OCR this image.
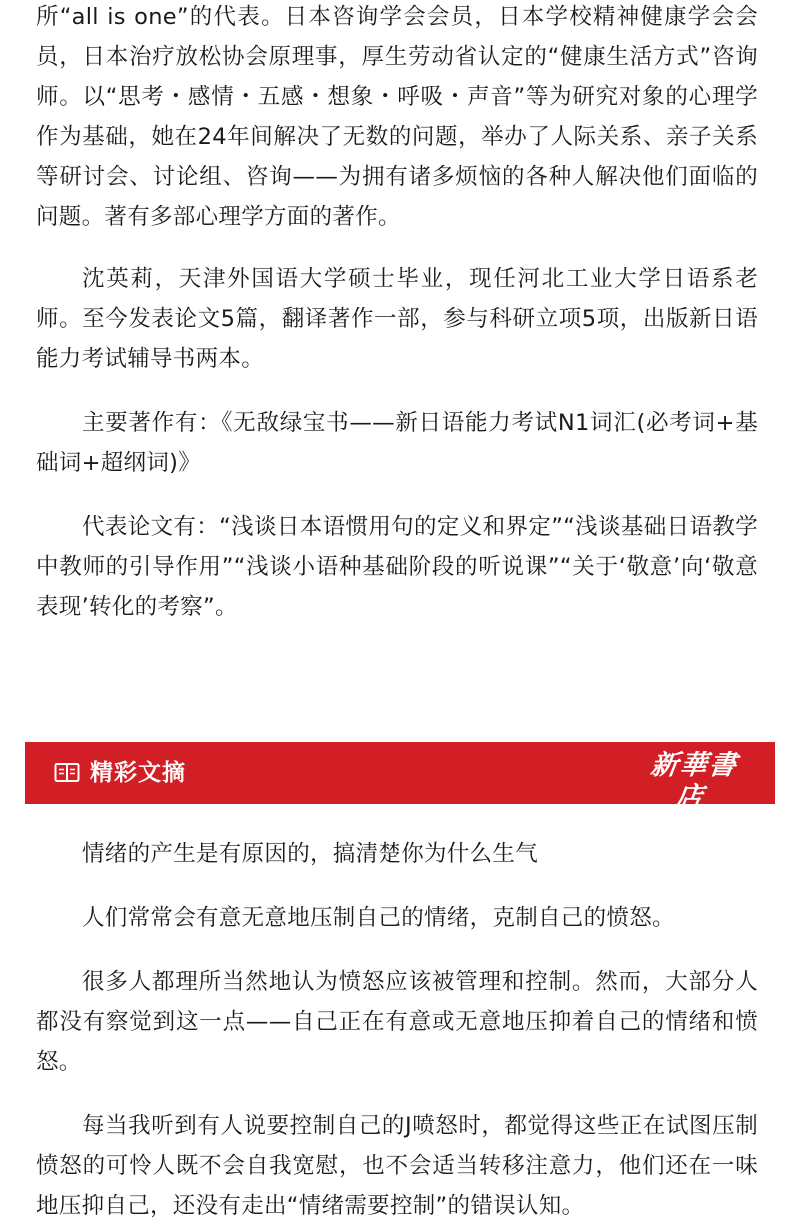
所“all is one”的代表。日本咨询学会会员，日本学校精神健康学会会员，日本治疗放松协会原理事，厚生劳动省认定的“健康生活方式”咨询师。以“思考・感情・五感・想象・呼吸・声音”等为研究对象的心理学作为基础，她在24年间解决了无数的问题，举办了人际关系、亲子关系等研讨会、讨论组、咨询——为拥有诸多烦恼的各种人解决他们面临的问题。著有多部心理学方面的著作。

沈英莉，天津外国语大学硕士毕业，现任河北工业大学日语系老师。至今发表论文5篇，翻译著作一部，参与科研立项5项，出版新日语能力考试辅导书两本。

主要著作有：《无敌绿宝书——新日语能力考试N1词汇(必考词+基础词+超纲词)》

代表论文有：“浅谈日本语惯用句的定义和界定”“浅谈基础日语教学中教师的引导作用”“浅谈小语种基础阶段的听说课”“关于‘敬意’向‘敬意表现’转化的考察”。

精彩文摘	新華書店
XINHUA   BOOKSTORE

情绪的产生是有原因的，搞清楚你为什么生气

人们常常会有意无意地压制自己的情绪，克制自己的愤怒。

很多人都理所当然地认为愤怒应该被管理和控制。然而，大部分人都没有察觉到这一点——自己正在有意或无意地压抑着自己的情绪和愤怒。

每当我听到有人说要控制自己的J喷怒时，都觉得这些正在试图压制愤怒的可怜人既不会自我宽慰，也不会适当转移注意力，他们还在一味地压抑自己，还没有走出“情绪需要控制”的错误认知。
